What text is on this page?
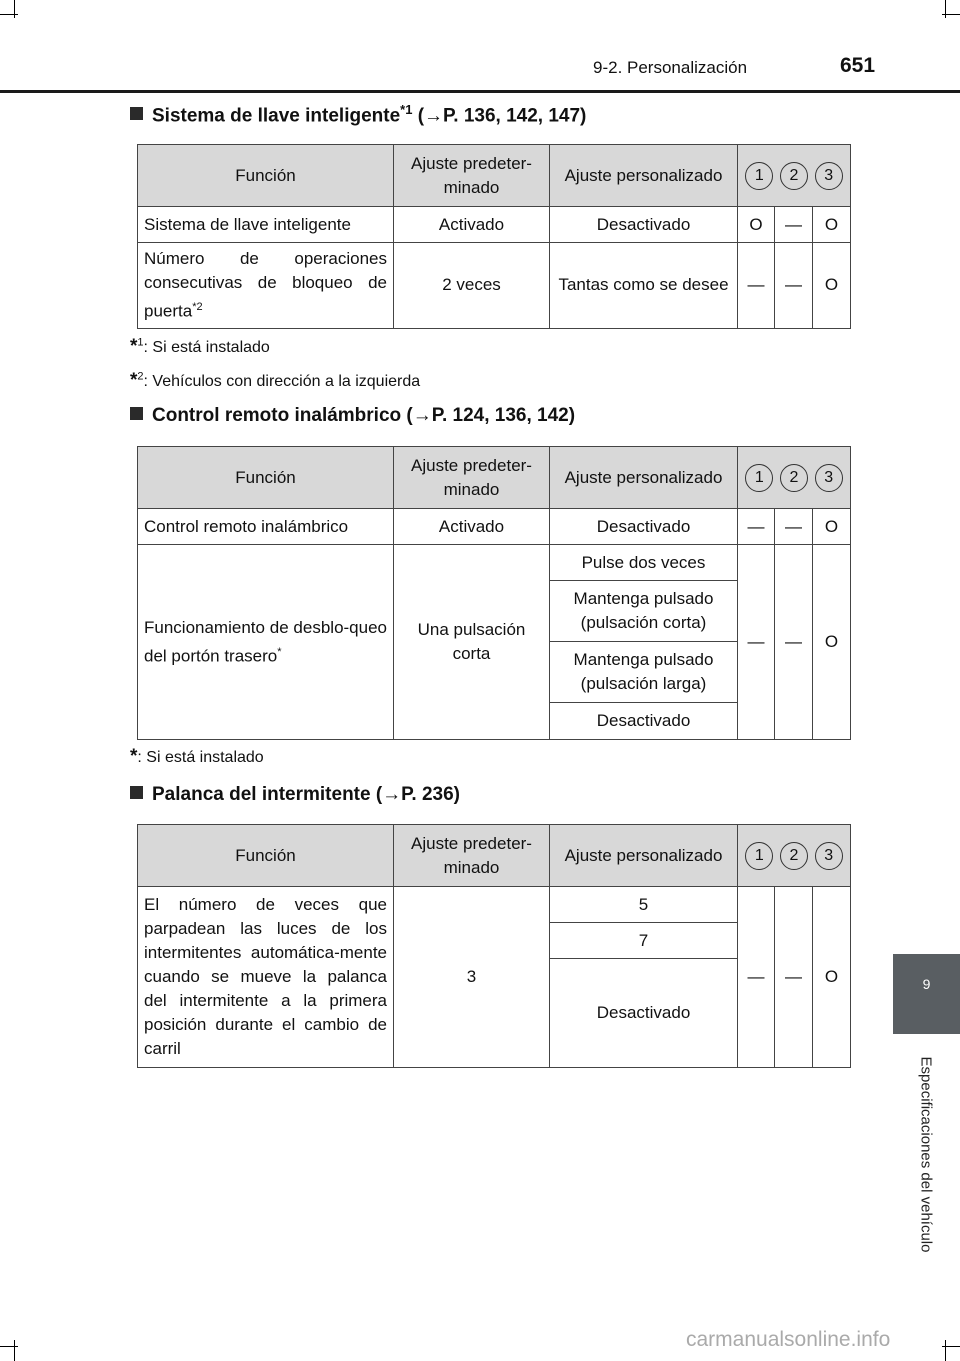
9-2. Personalización	651
9
Especificaciones del vehículo
Sistema de llave inteligente$^{*1}$ (→P. 136, 142, 147)
Función	Ajuste predeter-minado	Ajuste personalizado	1 2 3		

Sistema de llave inteligente	Activado	Desactivado	O	—	O
Número de operaciones consecutivas de bloqueo de puerta$^{*2}$	2 veces	Tantas como se desee	—	—	O
*$^1$: Si está instalado
*$^2$: Vehículos con dirección a la izquierda
Control remoto inalámbrico (→P. 124, 136, 142)
Función	Ajuste predeter-minado	Ajuste personalizado	1 2 3		

Control remoto inalámbrico	Activado	Desactivado	—	—	O
Funcionamiento de desblo-queo del portón trasero*	Una pulsación corta	Pulse dos veces	—	—	O
		Mantenga pulsado (pulsación corta)			
		Mantenga pulsado (pulsación larga)			
		Desactivado			
*: Si está instalado
Palanca del intermitente (→P. 236)
Función	Ajuste predeter-minado	Ajuste personalizado	1 2 3		

El número de veces que parpadean las luces de los intermitentes automática-mente cuando se mueve la palanca del intermitente a la primera posición durante el cambio de carril	3	5	—	—	O
		7			
		Desactivado			
carmanualsonline.info
